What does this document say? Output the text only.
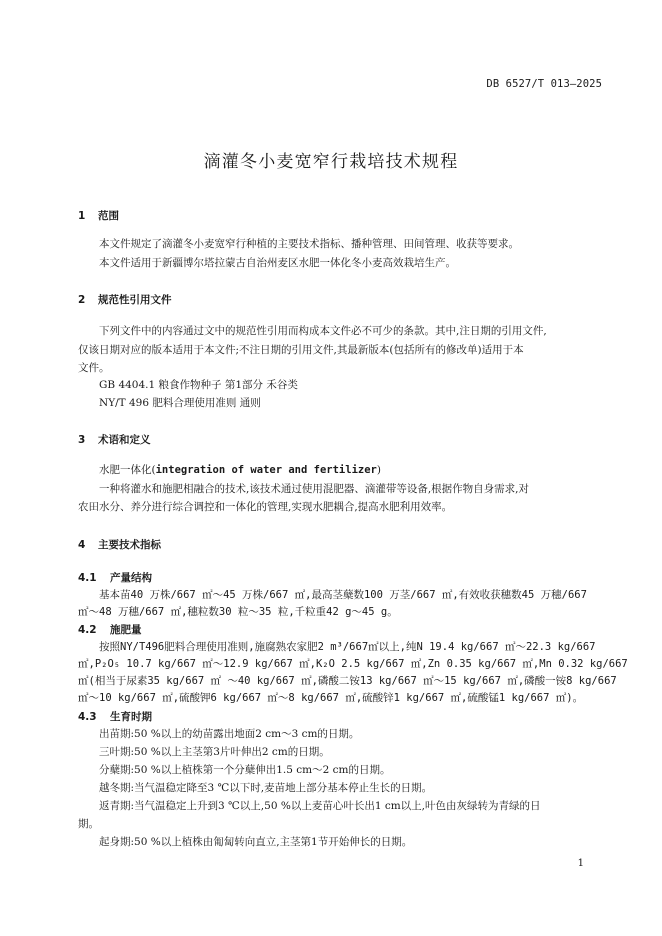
DB 6527/T 013—2025
滴灌冬小麦宽窄行栽培技术规程
1 范围
本文件规定了滴灌冬小麦宽窄行种植的主要技术指标、播种管理、田间管理、收获等要求。
本文件适用于新疆博尔塔拉蒙古自治州麦区水肥一体化冬小麦高效栽培生产。
2 规范性引用文件
下列文件中的内容通过文中的规范性引用而构成本文件必不可少的条款。其中,注日期的引用文件,
仅该日期对应的版本适用于本文件;不注日期的引用文件,其最新版本(包括所有的修改单)适用于本
文件。
GB 4404.1 粮食作物种子 第1部分 禾谷类
NY/T 496 肥料合理使用准则 通则
3 术语和定义
水肥一体化(integration of water and fertilizer)
一种将灌水和施肥相融合的技术,该技术通过使用混肥器、滴灌带等设备,根据作物自身需求,对
农田水分、养分进行综合调控和一体化的管理,实现水肥耦合,提高水肥利用效率。
4 主要技术指标
4.1 产量结构
基本苗40 万株/667 ㎡～45 万株/667 ㎡,最高茎蘖数100 万茎/667 ㎡,有效收获穗数45 万穗/667
㎡～48 万穗/667 ㎡,穗粒数30 粒～35 粒,千粒重42 g～45 g。
4.2 施肥量
按照NY/T496肥料合理使用准则,施腐熟农家肥2 m³/667㎡以上,纯N 19.4 kg/667 ㎡～22.3 kg/667
㎡,P₂O₅ 10.7 kg/667 ㎡～12.9 kg/667 ㎡,K₂O 2.5 kg/667 ㎡,Zn 0.35 kg/667 ㎡,Mn 0.32 kg/667
㎡(相当于尿素35 kg/667 ㎡ ～40 kg/667 ㎡,磷酸二铵13 kg/667 ㎡～15 kg/667 ㎡,磷酸一铵8 kg/667
㎡～10 kg/667 ㎡,硫酸钾6 kg/667 ㎡～8 kg/667 ㎡,硫酸锌1 kg/667 ㎡,硫酸锰1 kg/667 ㎡)。
4.3 生育时期
出苗期:50 %以上的幼苗露出地面2 cm～3 cm的日期。
三叶期:50 %以上主茎第3片叶伸出2 cm的日期。
分蘖期:50 %以上植株第一个分蘖伸出1.5 cm～2 cm的日期。
越冬期:当气温稳定降至3 ℃以下时,麦苗地上部分基本停止生长的日期。
返青期:当气温稳定上升到3 ℃以上,50 %以上麦苗心叶长出1 cm以上,叶色由灰绿转为青绿的日
期。
起身期:50 %以上植株由匍匐转向直立,主茎第1节开始伸长的日期。
1
